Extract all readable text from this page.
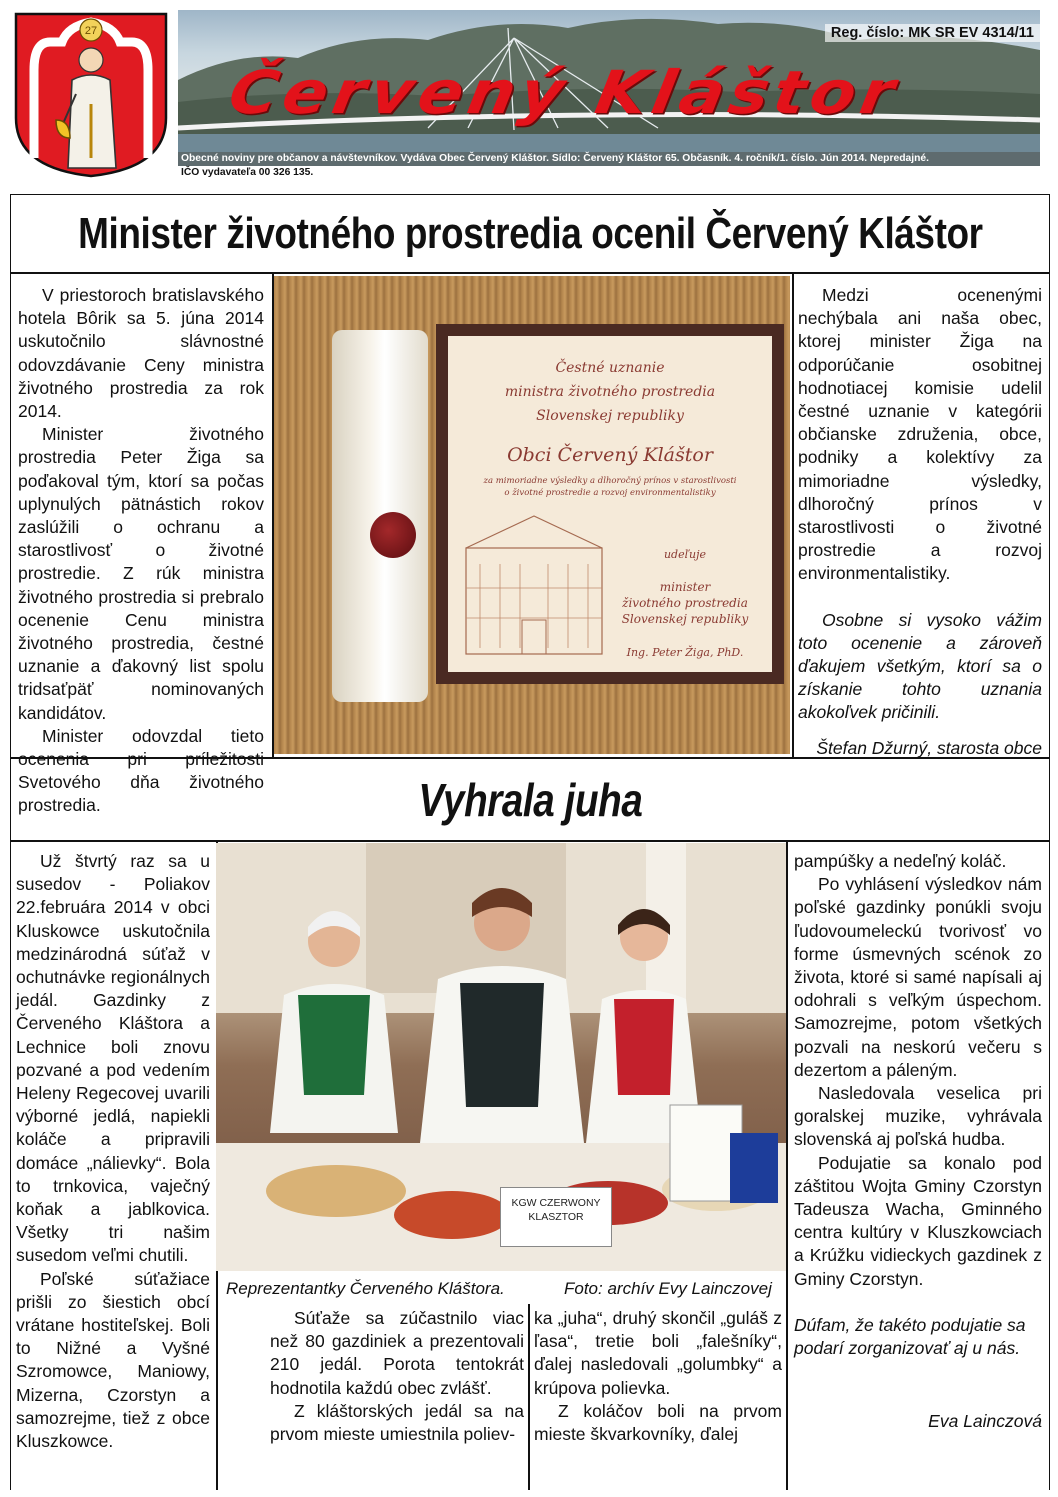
27	Reg. číslo: MK SR EV 4314/11
Červený Kláštor
Obecné noviny pre občanov a návštevníkov. Vydáva Obec Červený Kláštor. Sídlo: Červený Kláštor 65. Občasník. 4. ročník/1. číslo. Jún 2014. Nepredajné.
IČO vydavateľa 00 326 135.
Minister životného prostredia ocenil Červený Kláštor

V priestoroch bratislavského hotela Bôrik sa 5. júna 2014 uskutočnilo slávnostné odovzdávanie Ceny ministra životného prostredia za rok 2014.

Minister životného prostredia Peter Žiga sa poďakoval tým, ktorí sa počas uplynulých pätnástich rokov zaslúžili o ochranu a starostlivosť o životné prostredie. Z rúk ministra životného prostredia si prebralo ocenenie Cenu ministra životného prostredia, čestné uznanie a ďakovný list spolu tridsaťpäť nominovaných kandidátov.

Minister odovzdal tieto ocenenia pri príležitosti Svetového dňa životného prostredia.

Čestné uznanie
ministra životného prostredia
Slovenskej republiky
Obci Červený Kláštor
za mimoriadne výsledky a dlhoročný prínos v starostlivosti
o životné prostredie a rozvoj environmentalistiky
udeľuje
minister
životného prostredia
Slovenskej republiky
Ing. Peter Žiga, PhD.

Medzi ocenenými nechýbala ani naša obec, ktorej minister Žiga na odporúčanie osobitnej hodnotiacej komisie udelil čestné uznanie v kategórii občianske združenia, obce, podniky a kolektívy za mimoriadne výsledky, dlhoročný prínos v starostlivosti o životné prostredie a rozvoj environmentalistiky.

Osobne si vysoko vážim toto ocenenie a zároveň ďakujem všetkým, ktorí sa o získanie tohto uznania akokoľvek pričinili.

Štefan Džurný, starosta obce

Vyhrala juha

Už štvrtý raz sa u susedov - Poliakov 22.februára 2014 v obci Kluskowce uskutočnila medzinárodná súťaž v ochutnávke regionálnych jedál. Gazdinky z Červeného Kláštora a Lechnice boli znovu pozvané a pod vedením Heleny Regecovej uvarili výborné jedlá, napiekli koláče a pripravili domáce „nálievky“. Bola to trnkovica, vaječný koňak a jablkovica. Všetky tri našim susedom veľmi chutili.

Poľské súťažiace prišli zo šiestich obcí vrátane hostiteľskej. Boli to Nižné a Vyšné Szromowce, Maniowy, Mizerna, Czorstyn a samozrejme, tiež z obce Kluszkowce.

KGW CZERWONY KLASZTOR
Reprezentantky Červeného Kláštora.	Foto: archív Evy Lainczovej

Súťaže sa zúčastnilo viac než 80 gazdiniek a prezentovali 210 jedál. Porota tentokrát hodnotila každú obec zvlášť.

Z kláštorských jedál sa na prvom mieste umiestnila poliev-

ka „juha“, druhý skončil „guláš z ľasa“, tretie boli „falešníky“, ďalej nasledovali „golumbky“ a krúpova polievka.

Z koláčov boli na prvom mieste škvarkovníky, ďalej

pampúšky a nedeľný koláč.

Po vyhlásení výsledkov nám poľské gazdinky ponúkli svoju ľudovoumeleckú tvorivosť vo forme úsmevných scénok zo života, ktoré si samé napísali aj odohrali s veľkým úspechom. Samozrejme, potom všetkých pozvali na neskorú večeru s dezertom a páleným.

Nasledovala veselica pri goralskej muzike, vyhrávala slovenská aj poľská hudba.

Podujatie sa konalo pod záštitou Wojta Gminy Czorstyn Tadeusza Wacha, Gminného centra kultúry v Kluszkowciach a Krúžku vidieckych gazdinek z Gminy Czorstyn.

Dúfam, že takéto podujatie sa podarí zorganizovať aj u nás.

Eva Lainczová
